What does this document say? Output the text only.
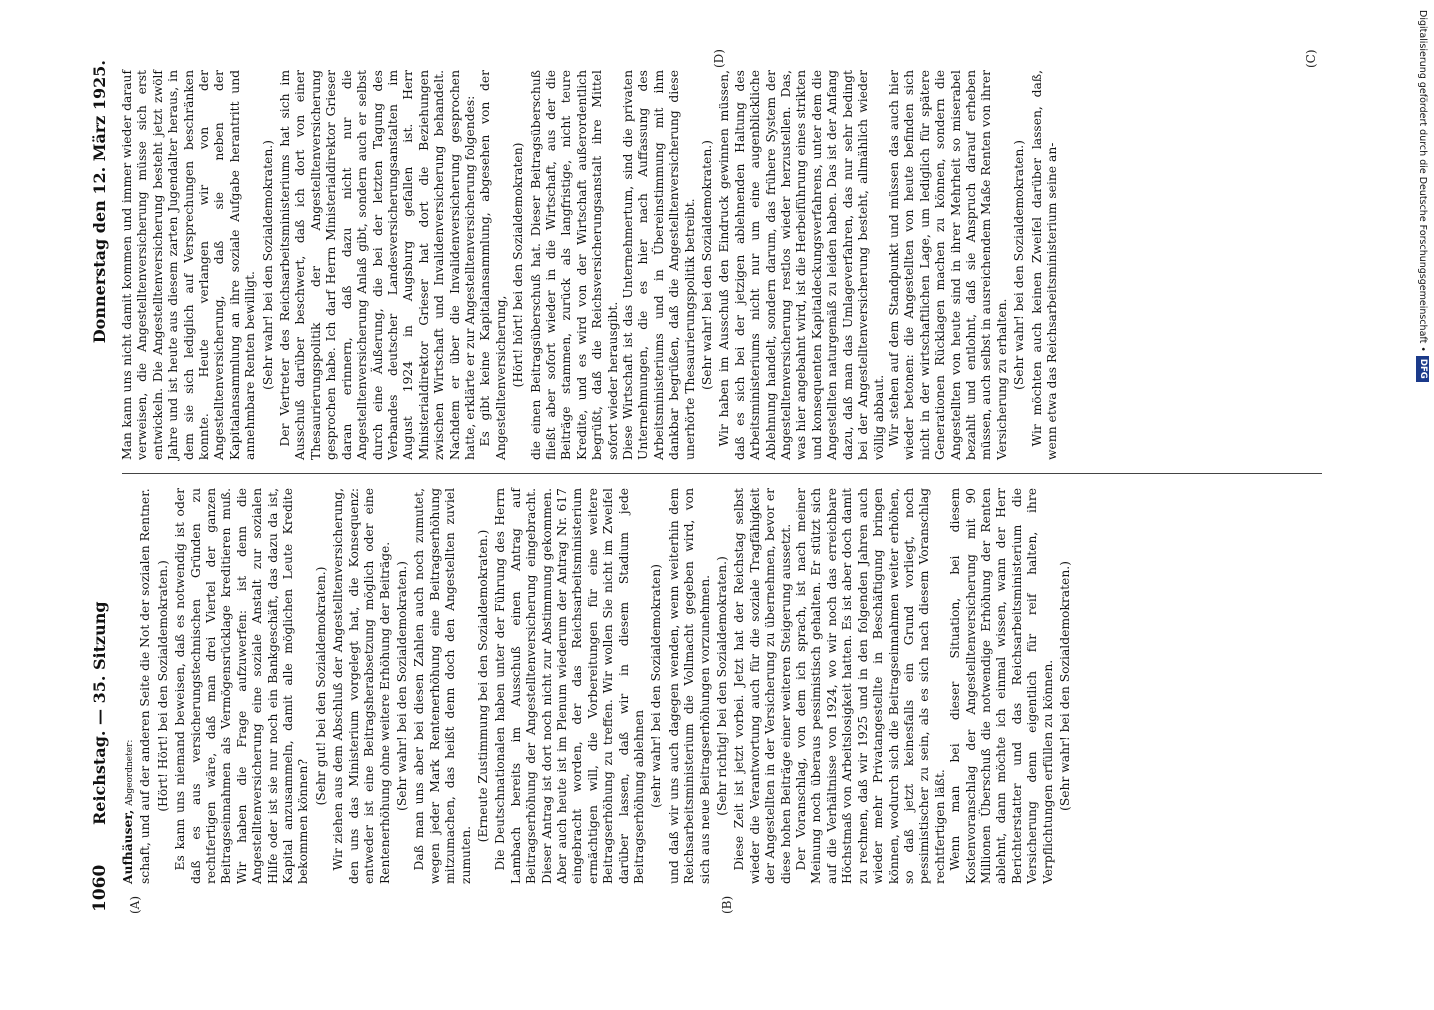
1060
Reichstag. — 35. Sitzung
Donnerstag den 12. März 1925.
(A)	(B)
(C)
(D)

Aufhäuser, Abgeordneter: schaft, und auf der anderen Seite die Not der sozialen Rentner. (Hört! Hört! bei den Sozialdemokraten.) Es kann uns niemand beweisen, daß es notwendig ist oder daß es aus versicherungstechnischen Gründen zu rechtfertigen wäre, daß man drei Viertel der ganzen Beitragseinnahmen als Vermögensrücklage kreditieren muß. Wir haben die Frage aufzuwerfen: ist denn die Angestelltenversicherung eine soziale Anstalt zur sozialen Hilfe oder ist sie nur noch ein Bankgeschäft, das dazu da ist, Kapital anzusammeln, damit alle möglichen Leute Kredite bekommen können?

(Sehr gut! bei den Sozialdemokraten.) Wir ziehen aus dem Abschluß der Angestelltenversicherung, den uns das Ministerium vorgelegt hat, die Konsequenz: entweder ist eine Beitragsherabsetzung möglich oder eine Rentenerhöhung ohne weitere Erhöhung der Beiträge. (Sehr wahr! bei den Sozialdemokraten.) Daß man uns aber bei diesen Zahlen auch noch zumutet, wegen jeder Mark Rentenerhöhung eine Beitragserhöhung mitzumachen, das heißt denn doch den Angestellten zuviel zumuten.

(Erneute Zustimmung bei den Sozialdemokraten.) Die Deutschnationalen haben unter der Führung des Herrn Lambach bereits im Ausschuß einen Antrag auf Beitragserhöhung der Angestelltenversicherung eingebracht. Dieser Antrag ist dort noch nicht zur Abstimmung gekommen. Aber auch heute ist im Plenum wiederum der Antrag Nr. 617 eingebracht worden, der das Reichsarbeitsministerium ermächtigen will, die Vorbereitungen für eine weitere Beitragserhöhung zu treffen. Wir wollen Sie nicht im Zweifel darüber lassen, daß wir in diesem Stadium jede Beitragserhöhung ablehnen (sehr wahr! bei den Sozialdemokraten) und daß wir uns auch dagegen wenden, wenn weiterhin dem Reichsarbeitsministerium die Vollmacht gegeben wird, von sich aus neue Beitragserhöhungen vorzunehmen. (Sehr richtig! bei den Sozialdemokraten.) Diese Zeit ist jetzt vorbei. Jetzt hat der Reichstag selbst wieder die Verantwortung auch für die soziale Tragfähigkeit der Angestellten in der Versicherung zu übernehmen, bevor er diese hohen Beiträge einer weiteren Steigerung aussetzt. Der Voranschlag, von dem ich sprach, ist nach meiner Meinung noch überaus pessimistisch gehalten. Er stützt sich auf die Verhältnisse von 1924, wo wir noch das erreichbare Höchstmaß von Arbeitslosigkeit hatten. Es ist aber doch damit zu rechnen, daß wir 1925 und in den folgenden Jahren auch wieder mehr Privatangestellte in Beschäftigung bringen können, wodurch sich die Beitragseinnahmen weiter erhöhen, so daß jetzt keinesfalls ein Grund vorliegt, noch pessimistischer zu sein, als es sich nach diesem Voranschlag rechtfertigen läßt. Wenn man bei dieser Situation, bei diesem Kostenvoranschlag der Angestelltenversicherung mit 90 Millionen Überschuß die notwendige Erhöhung der Renten ablehnt, dann möchte ich einmal wissen, wann der Herr Berichterstatter und das Reichsarbeitsministerium die Versicherung denn eigentlich für reif halten, ihre Verpflichtungen erfüllen zu können. (Sehr wahr! bei den Sozialdemokraten.)

Man kann uns nicht damit kommen und immer wieder darauf verweisen, die Angestelltenversicherung müsse sich erst entwickeln. Die Angestelltenversicherung besteht jetzt zwölf Jahre und ist heute aus diesem zarten Jugendalter heraus, in dem sie sich lediglich auf Versprechungen beschränken konnte. Heute verlangen wir von der Angestelltenversicherung, daß sie neben der Kapitalansammlung an ihre soziale Aufgabe herantritt und annehmbare Renten bewilligt. (Sehr wahr! bei den Sozialdemokraten.) Der Vertreter des Reichsarbeitsministeriums hat sich im Ausschuß darüber beschwert, daß ich dort von einer Thesaurierungspolitik der Angestelltenversicherung gesprochen habe. Ich darf Herrn Ministerialdirektor Grieser daran erinnern, daß dazu nicht nur die Angestelltenversicherung Anlaß gibt, sondern auch er selbst durch eine Äußerung, die bei der letzten Tagung des Verbandes deutscher Landesversicherungsanstalten im August 1924 in Augsburg gefallen ist. Herr Ministerialdirektor Grieser hat dort die Beziehungen zwischen Wirtschaft und Invalidenversicherung behandelt. Nachdem er über die Invalidenversicherung gesprochen hatte, erklärte er zur Angestelltenversicherung folgendes: Es gibt keine Kapitalansammlung, abgesehen von der Angestelltenversicherung, (Hört! hört! bei den Sozialdemokraten) die einen Beitragsüberschuß hat. Dieser Beitragsüberschuß fließt aber sofort wieder in die Wirtschaft, aus der die Beiträge stammen, zurück als langfristige, nicht teure Kredite, und es wird von der Wirtschaft außerordentlich begrüßt, daß die Reichsversicherungsanstalt ihre Mittel sofort wieder herausgibt. Diese Wirtschaft ist das Unternehmertum, sind die privaten Unternehmungen, die es hier nach Auffassung des Arbeitsministeriums und in Übereinstimmung mit ihm dankbar begrüßen, daß die Angestelltenversicherung diese unerhörte Thesaurierungspolitik betreibt. (Sehr wahr! bei den Sozialdemokraten.) Wir haben im Ausschuß den Eindruck gewinnen müssen, daß es sich bei der jetzigen ablehnenden Haltung des Arbeitsministeriums nicht nur um eine augenblickliche Ablehnung handelt, sondern darum, das frühere System der Angestelltenversicherung restlos wieder herzustellen. Das, was hier angebahnt wird, ist die Herbeiführung eines strikten und konsequenten Kapitaldeckungsverfahrens, unter dem die Angestellten naturgemäß zu leiden haben. Das ist der Anfang dazu, daß man das Umlageverfahren, das nur sehr bedingt bei der Angestelltenversicherung besteht, allmählich wieder völlig abbaut. Wir stehen auf dem Standpunkt und müssen das auch hier wieder betonen: die Angestellten von heute befinden sich nicht in der wirtschaftlichen Lage, um lediglich für spätere Generationen Rücklagen machen zu können, sondern die Angestellten von heute sind in ihrer Mehrheit so miserabel bezahlt und entlohnt, daß sie Anspruch darauf erheben müssen, auch selbst in ausreichendem Maße Renten von ihrer Versicherung zu erhalten. (Sehr wahr! bei den Sozialdemokraten.) Wir möchten auch keinen Zweifel darüber lassen, daß, wenn etwa das Reichsarbeitsministerium seine an-	Digitalisierung gefördert durch die Deutsche Forschungsgemeinschaft •
DFG
